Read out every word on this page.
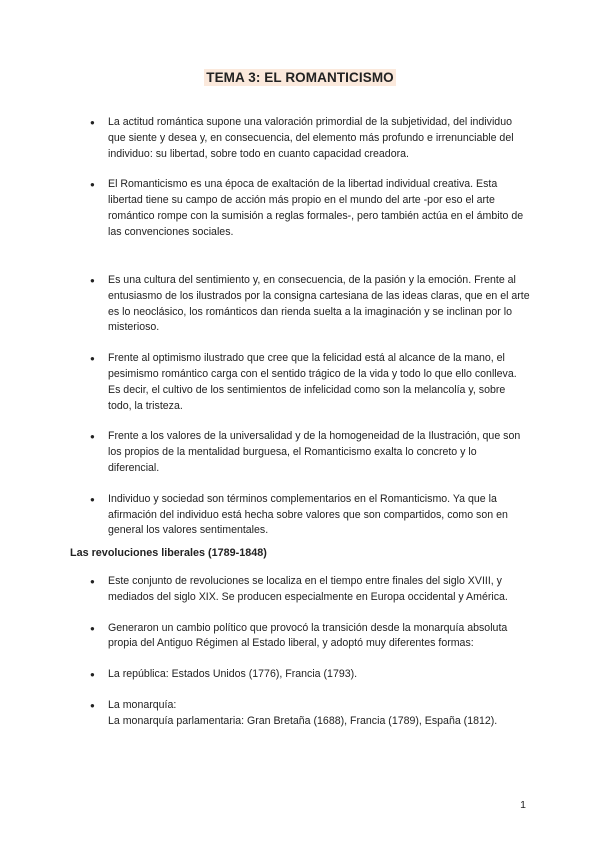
TEMA 3: EL ROMANTICISMO
● La actitud romántica supone una valoración primordial de la subjetividad, del individuo que siente y desea y, en consecuencia, del elemento más profundo e irrenunciable del individuo: su libertad, sobre todo en cuanto capacidad creadora.
● El Romanticismo es una época de exaltación de la libertad individual creativa. Esta libertad tiene su campo de acción más propio en el mundo del arte -por eso el arte romántico rompe con la sumisión a reglas formales-, pero también actúa en el ámbito de las convenciones sociales.
● Es una cultura del sentimiento y, en consecuencia, de la pasión y la emoción. Frente al entusiasmo de los ilustrados por la consigna cartesiana de las ideas claras, que en el arte es lo neoclásico, los románticos dan rienda suelta a la imaginación y se inclinan por lo misterioso.
● Frente al optimismo ilustrado que cree que la felicidad está al alcance de la mano, el pesimismo romántico carga con el sentido trágico de la vida y todo lo que ello conlleva. Es decir, el cultivo de los sentimientos de infelicidad como son la melancolía y, sobre todo, la tristeza.
● Frente a los valores de la universalidad y de la homogeneidad de la Ilustración, que son los propios de la mentalidad burguesa, el Romanticismo exalta lo concreto y lo diferencial.
● Individuo y sociedad son términos complementarios en el Romanticismo. Ya que la afirmación del individuo está hecha sobre valores que son compartidos, como son en general los valores sentimentales.
Las revoluciones liberales (1789-1848)
● Este conjunto de revoluciones se localiza en el tiempo entre finales del siglo XVIII, y mediados del siglo XIX. Se producen especialmente en Europa occidental y América.
● Generaron un cambio político que provocó la transición desde la monarquía absoluta propia del Antiguo Régimen al Estado liberal, y adoptó muy diferentes formas:
● La república: Estados Unidos (1776), Francia (1793).
● La monarquía:
La monarquía parlamentaria: Gran Bretaña (1688), Francia (1789), España (1812).
1
